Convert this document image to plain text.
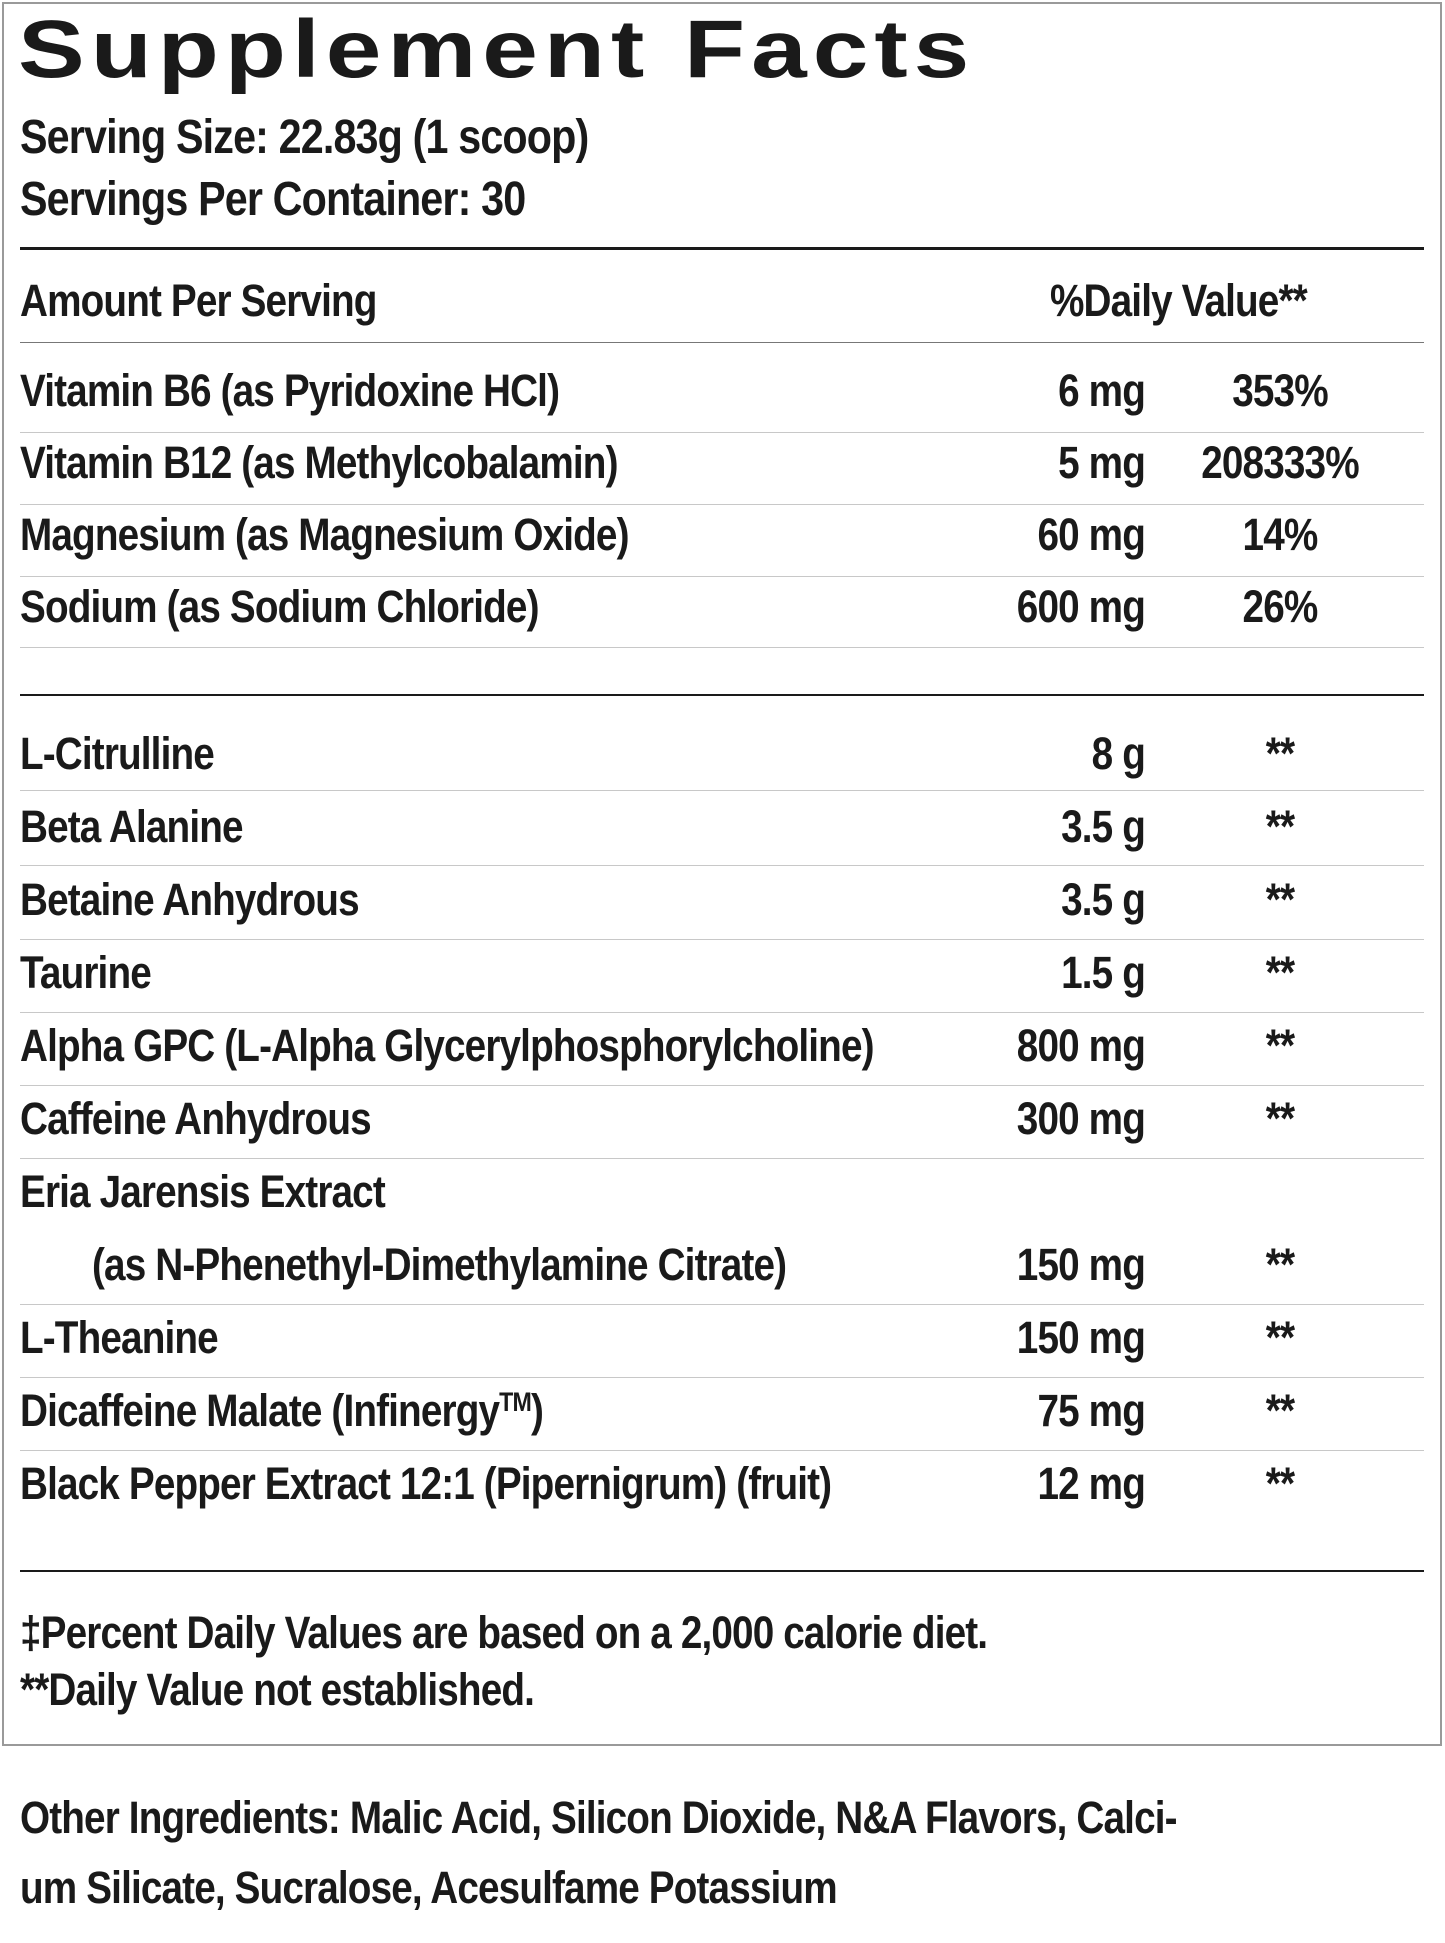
Supplement Facts
Serving Size: 22.83g (1 scoop)
Servings Per Container: 30
Amount Per Serving	%Daily Value**
Vitamin B6 (as Pyridoxine HCl)	6 mg	353%
Vitamin B12 (as Methylcobalamin)	5 mg	208333%
Magnesium (as Magnesium Oxide)	60 mg	14%
Sodium (as Sodium Chloride)	600 mg	26%
L-Citrulline	8 g	**
Beta Alanine	3.5 g	**
Betaine Anhydrous	3.5 g	**
Taurine	1.5 g	**
Alpha GPC (L-Alpha Glycerylphosphorylcholine)	800 mg	**
Caffeine Anhydrous	300 mg	**
Eria Jarensis Extract
(as N-Phenethyl-Dimethylamine Citrate)	150 mg	**
L-Theanine	150 mg	**
Dicaffeine Malate (Infinergy™)	75 mg	**
Black Pepper Extract 12:1 (Pipernigrum) (fruit)	12 mg	**
‡Percent Daily Values are based on a 2,000 calorie diet.
**Daily Value not established.
Other Ingredients: Malic Acid, Silicon Dioxide, N&A Flavors, Calci-
um Silicate, Sucralose, Acesulfame Potassium
